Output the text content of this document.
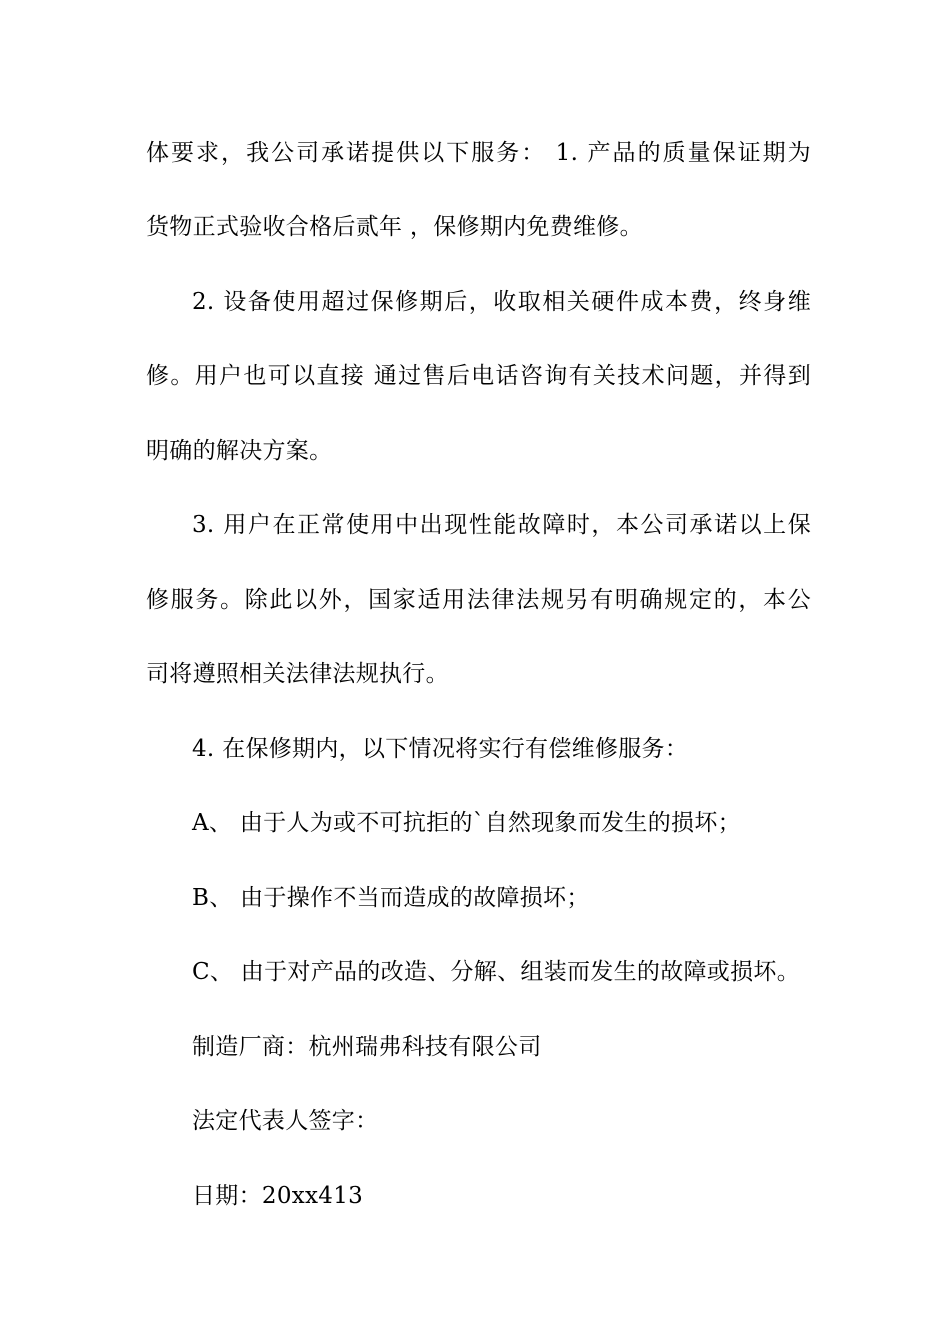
体要求，我公司承诺提供以下服务： 1. 产品的质量保证期为
货物正式验收合格后贰年 ，保修期内免费维修。
2. 设备使用超过保修期后，收取相关硬件成本费，终身维
修。用户也可以直接 通过售后电话咨询有关技术问题，并得到
明确的解决方案。
3. 用户在正常使用中出现性能故障时，本公司承诺以上保
修服务。除此以外，国家适用法律法规另有明确规定的，本公
司将遵照相关法律法规执行。
4. 在保修期内，以下情况将实行有偿维修服务：
A、 由于人为或不可抗拒的`自然现象而发生的损坏；
B、 由于操作不当而造成的故障损坏；
C、 由于对产品的改造、分解、组装而发生的故障或损坏。
制造厂商：杭州瑞弗科技有限公司
法定代表人签字：
日期：20xx413
